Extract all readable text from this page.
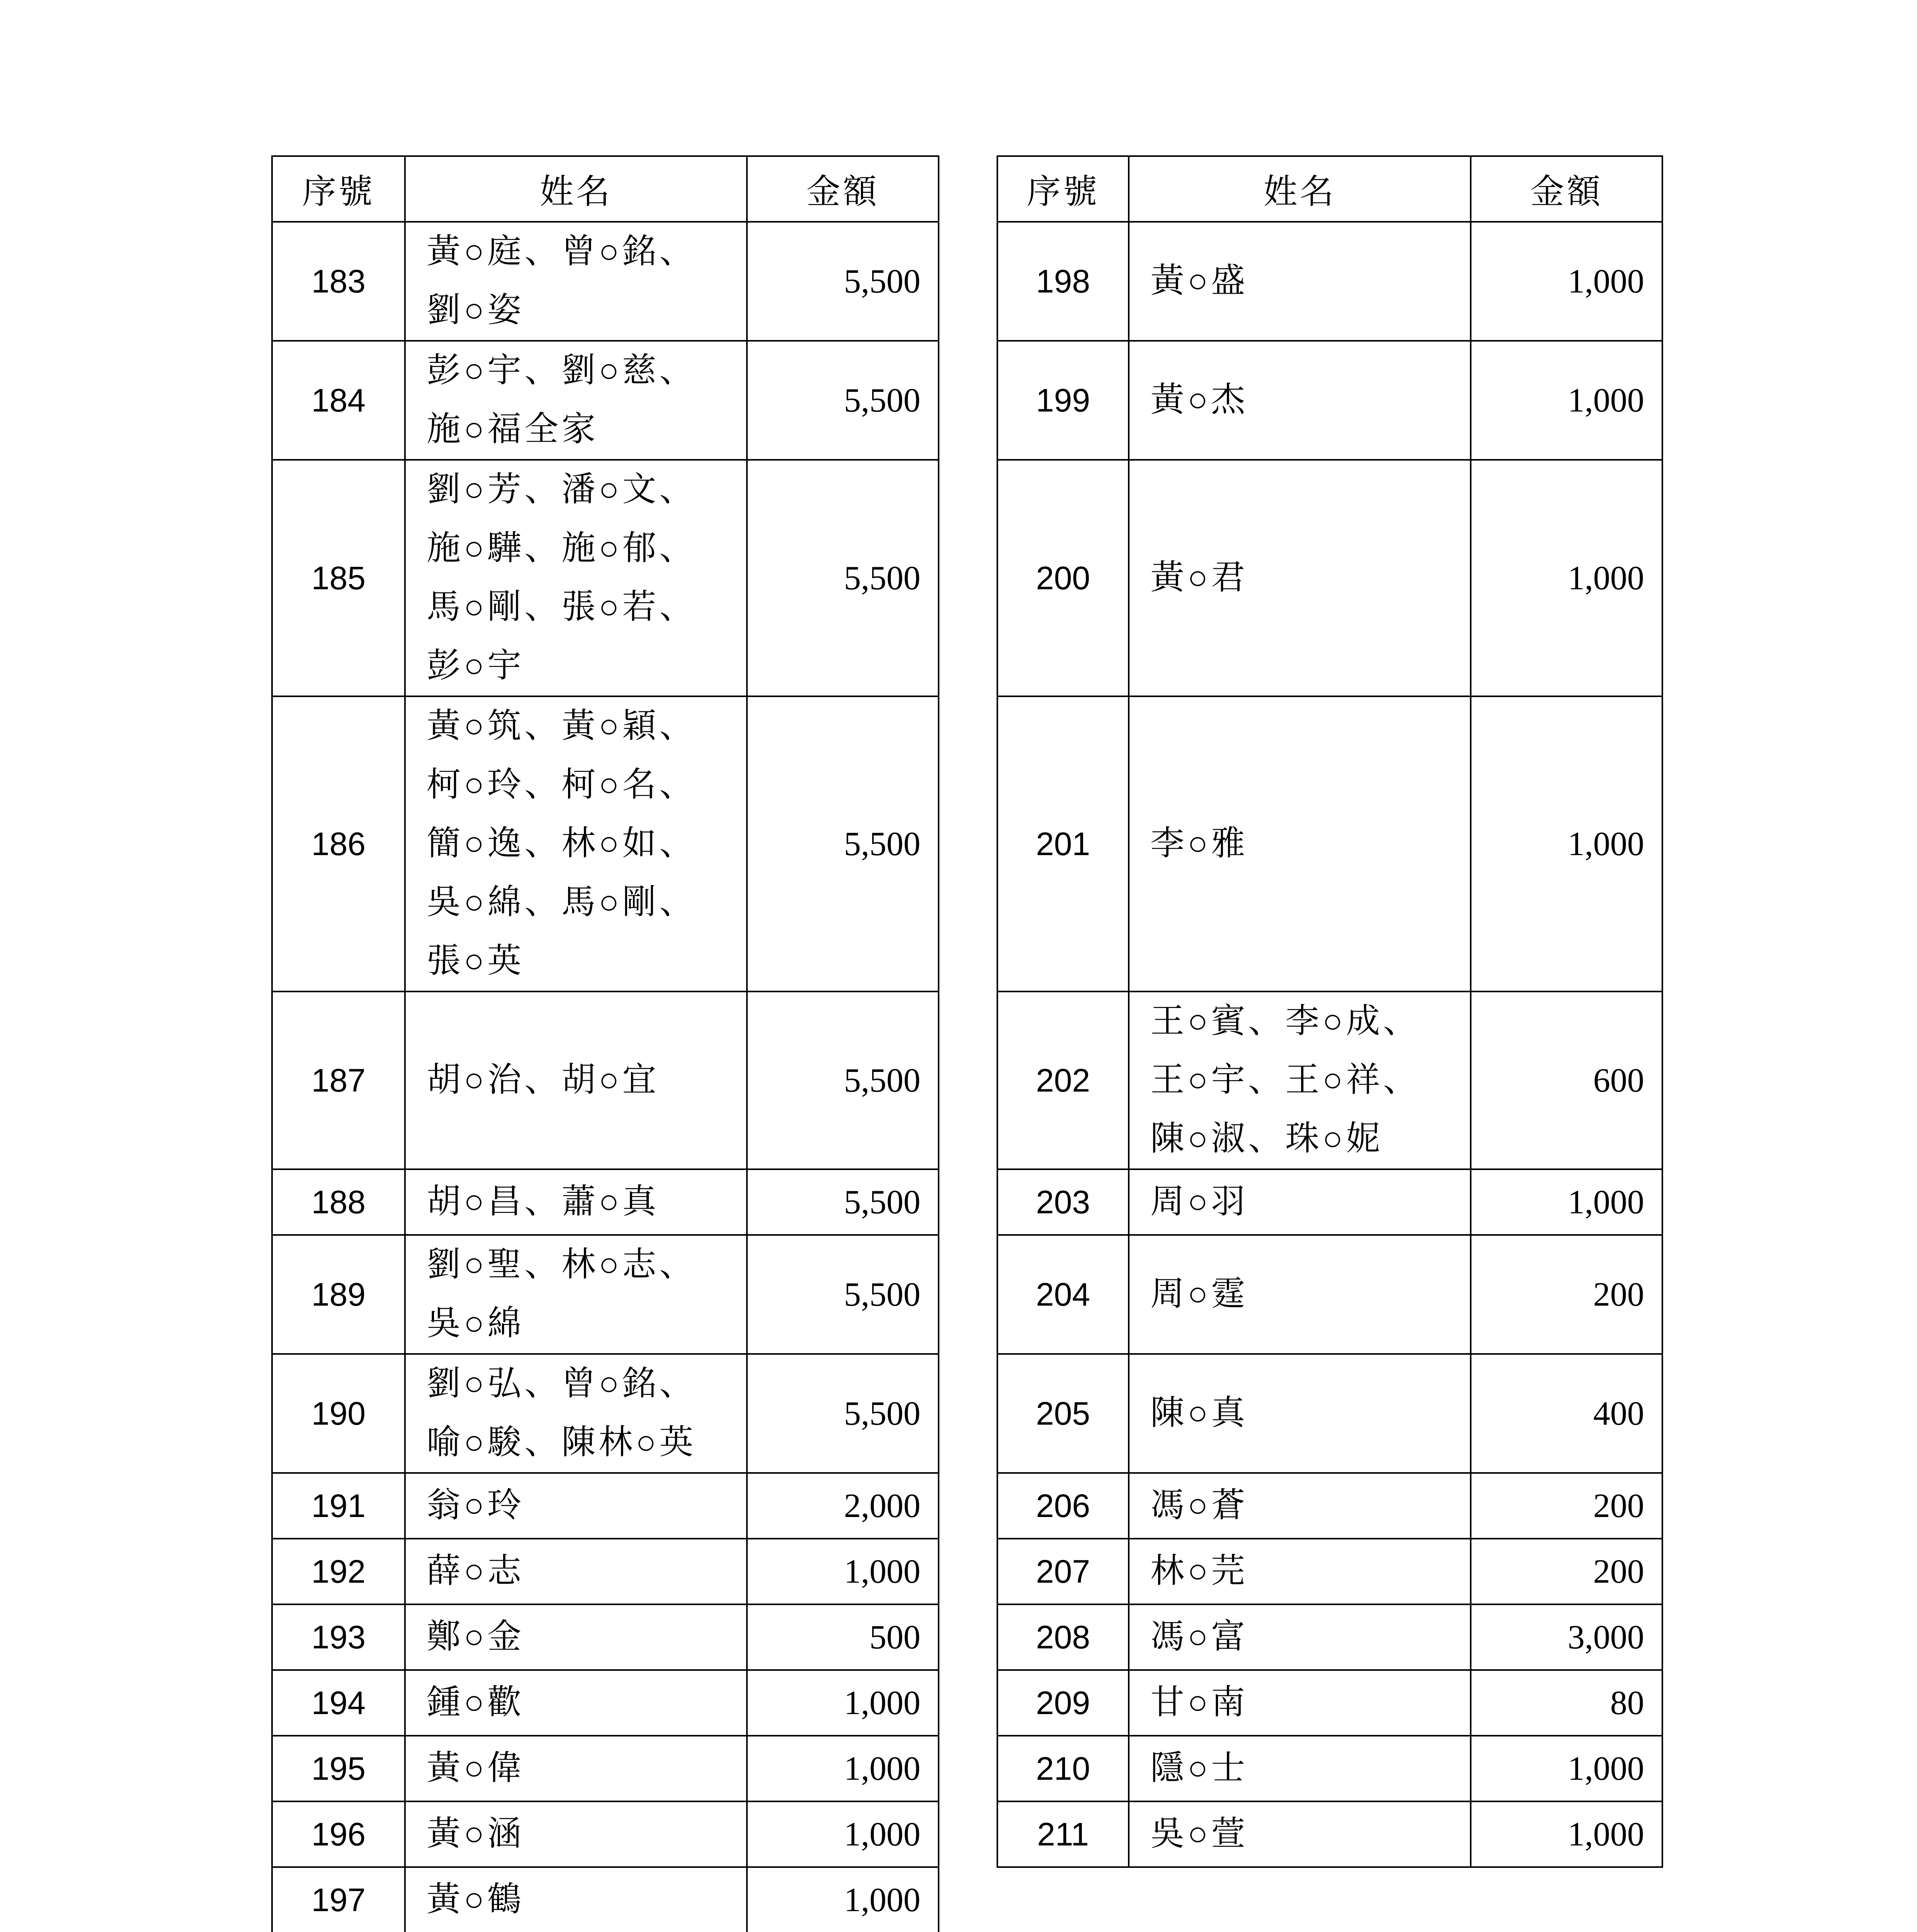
序號	姓名	金額		序號	姓名	金額
183	黃○庭、曾○銘、
劉○姿	5,500		198	黃○盛	1,000
184	彭○宇、劉○慈、
施○福全家	5,500		199	黃○杰	1,000
185	劉○芳、潘○文、
施○驊、施○郁、
馬○剛、張○若、
彭○宇	5,500		200	黃○君	1,000
186	黃○筑、黃○穎、
柯○玲、柯○名、
簡○逸、林○如、
吳○綿、馬○剛、
張○英	5,500		201	李○雅	1,000
187	胡○治、胡○宜	5,500		202	王○賓、李○成、
王○宇、王○祥、
陳○淑、珠○妮	600
188	胡○昌、蕭○真	5,500		203	周○羽	1,000
189	劉○聖、林○志、
吳○綿	5,500		204	周○霆	200
190	劉○弘、曾○銘、
喻○駿、陳林○英	5,500		205	陳○真	400
191	翁○玲	2,000		206	馮○蒼	200
192	薛○志	1,000		207	林○芫	200
193	鄭○金	500		208	馮○富	3,000
194	鍾○歡	1,000		209	甘○南	80
195	黃○偉	1,000		210	隱○士	1,000
196	黃○涵	1,000		211	吳○萱	1,000
197	黃○鶴	1,000				
